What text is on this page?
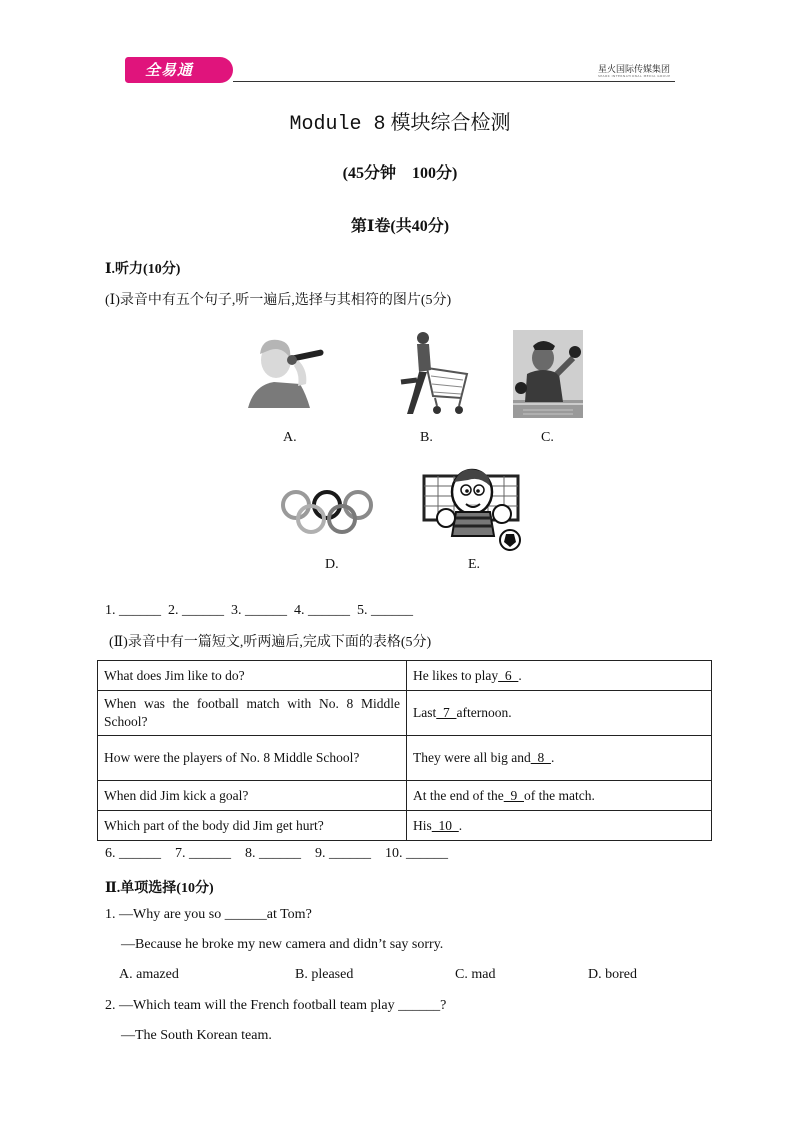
全易通	星火国际传媒集团
SPARK INTERNATIONAL MEDIA GROUP
Module 8 模块综合检测
(45分钟　100分)
第Ⅰ卷(共40分)
Ⅰ.听力(10分)
(Ⅰ)录音中有五个句子,听一遍后,选择与其相符的图片(5分)
A.	B.	C.
D.	E.
1. ______  2. ______  3. ______  4. ______  5. ______
(Ⅱ)录音中有一篇短文,听两遍后,完成下面的表格(5分)
What does Jim like to do?	He likes to play  6  .
When was the football match with No. 8 Middle School?	Last  7  afternoon.
How were the players of No. 8 Middle School?	They were all big and  8  .
When did Jim kick a goal?	At the end of the  9  of the match.
Which part of the body did Jim get hurt?	His  10  .
6. ______    7. ______    8. ______    9. ______    10. ______
Ⅱ.单项选择(10分)
1. —Why are you so ______at Tom?
—Because he broke my new camera and didn’t say sorry.
A. amazed	B. pleased	C. mad	D. bored
2. —Which team will the French football team play ______?
—The South Korean team.
